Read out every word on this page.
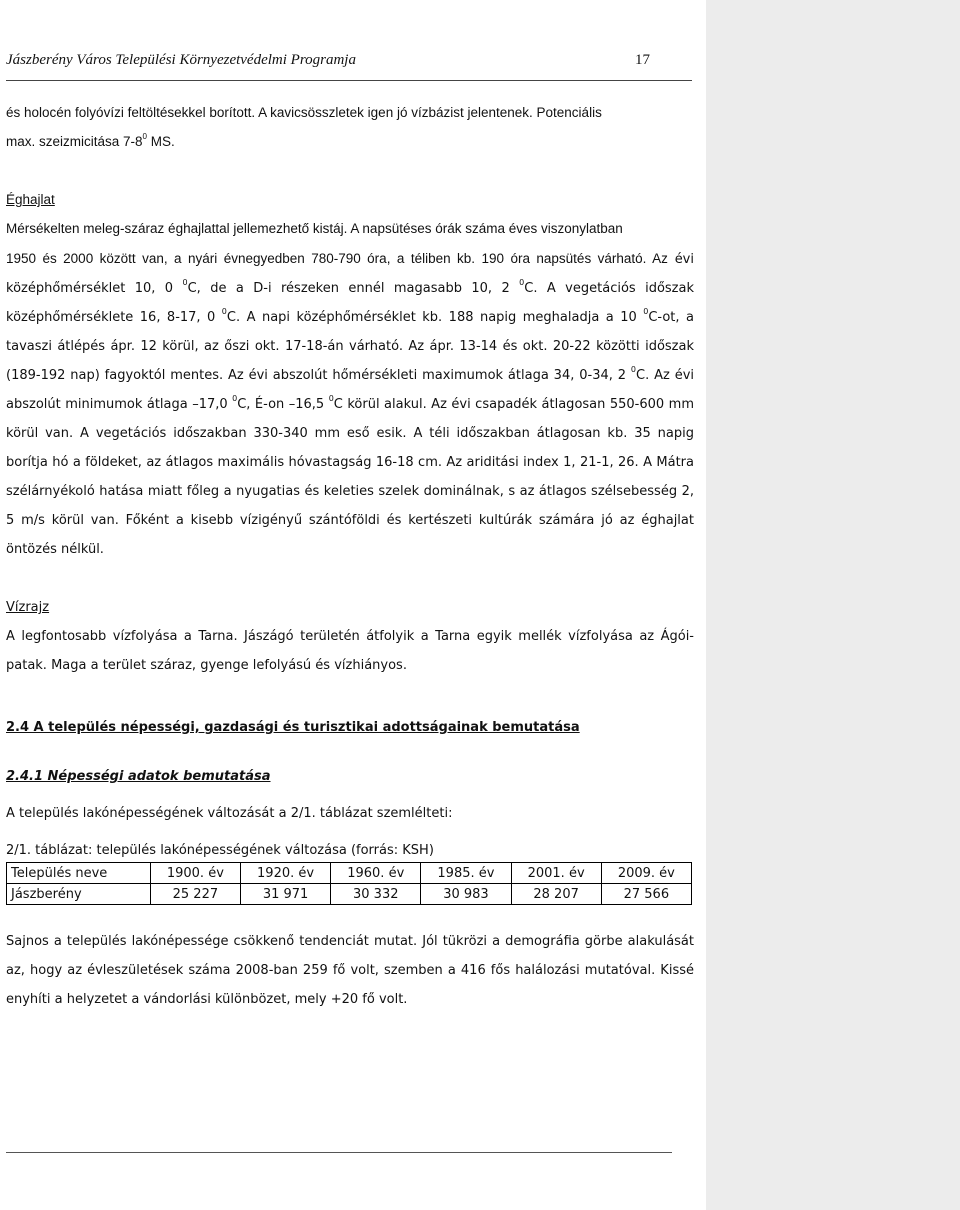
Jászberény Város Települési Környezetvédelmi Programja	17

és holocén folyóvízi feltöltésekkel borított. A kavicsösszletek igen jó vízbázist jelentenek. Potenciális
max. szeizmicitása $7-8^0$ MS.

Éghajlat

Mérsékelten meleg-száraz éghajlattal jellemezhető kistáj. A napsütéses órák száma éves viszonylatban
1950 és 2000 között van, a nyári évnegyedben 780-790 óra, a téliben kb. 190 óra napsütés várható. Az évi középhőmérséklet 10, 0 $^0$C, de a D-i részeken ennél magasabb 10, 2 $^0$C. A vegetációs időszak középhőmérséklete 16, 8-17, 0 $^0$C. A napi középhőmérséklet kb. 188 napig meghaladja a 10 $^0$C-ot, a tavaszi átlépés ápr. 12 körül, az őszi okt. 17-18-án várható. Az ápr. 13-14 és okt. 20-22 közötti időszak (189-192 nap) fagyoktól mentes. Az évi abszolút hőmérsékleti maximumok átlaga 34, 0-34, 2 $^0$C. Az évi abszolút minimumok átlaga –17,0 $^0$C, É-on –16,5 $^0$C körül alakul. Az évi csapadék átlagosan 550-600 mm körül van. A vegetációs időszakban 330-340 mm eső esik. A téli időszakban átlagosan kb. 35 napig borítja hó a földeket, az átlagos maximális hóvastagság 16-18 cm. Az ariditási index 1, 21-1, 26. A Mátra szélárnyékoló hatása miatt főleg a nyugatias és keleties szelek dominálnak, s az átlagos szélsebesség 2, 5 m/s körül van. Főként a kisebb vízigényű szántóföldi és kertészeti kultúrák számára jó az éghajlat öntözés nélkül.

Vízrajz

A legfontosabb vízfolyása a Tarna. Jászágó területén átfolyik a Tarna egyik mellék vízfolyása az Ágói-patak. Maga a terület száraz, gyenge lefolyású és vízhiányos.

2.4 A település népességi, gazdasági és turisztikai adottságainak bemutatása

2.4.1 Népességi adatok bemutatása

A település lakónépességének változását a 2/1. táblázat szemlélteti:

2/1. táblázat: település lakónépességének változása (forrás: KSH)

Település neve	1900. év	1920. év	1960. év	1985. év	2001. év	2009. év
Jászberény	25 227	31 971	30 332	30 983	28 207	27 566

Sajnos a település lakónépessége csökkenő tendenciát mutat. Jól tükrözi a demográfia görbe alakulását az, hogy az évleszületések száma 2008-ban 259 fő volt, szemben a 416 fős halálozási mutatóval. Kissé enyhíti a helyzetet a vándorlási különbözet, mely +20 fő volt.
